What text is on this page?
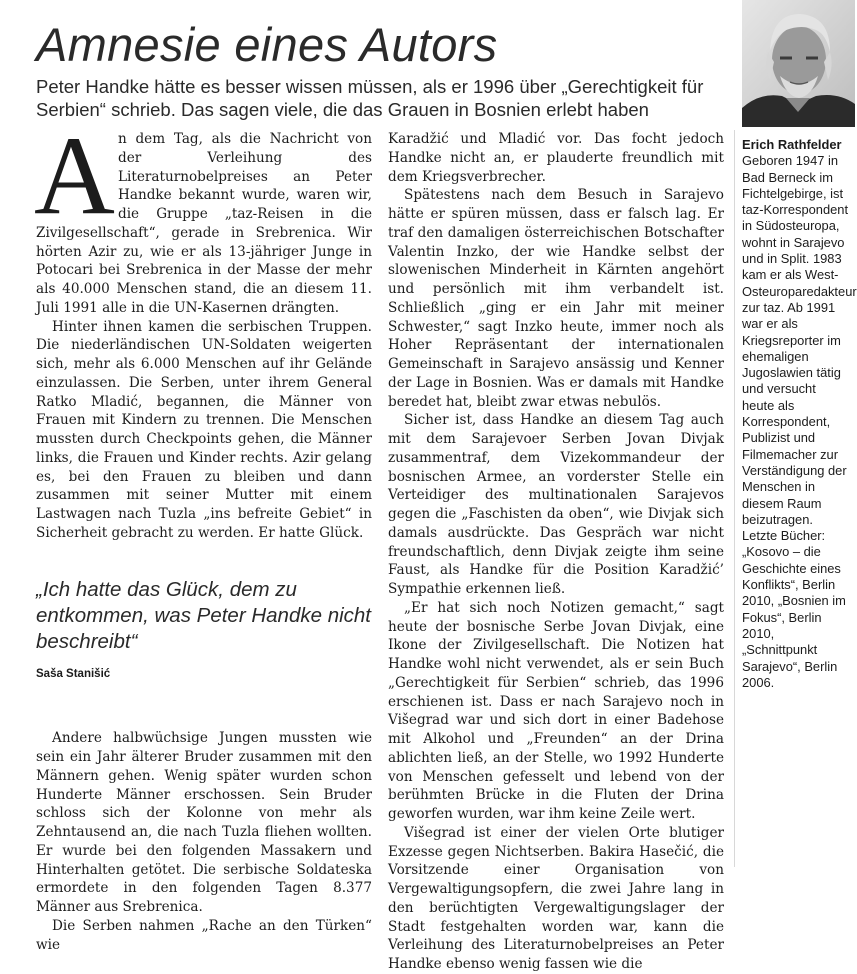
Amnesie eines Autors

Peter Handke hätte es besser wissen müssen, als er 1996 über „Gerechtigkeit für Serbien“ schrieb. Das sagen viele, die das Grauen in Bosnien erlebt haben

An dem Tag, als die Nachricht von der Verleihung des Literaturnobelpreises an Peter Handke bekannt wurde, waren wir, die Gruppe „taz-Reisen in die Zivilgesellschaft“, gerade in Srebrenica. Wir hörten Azir zu, wie er als 13-jähriger Junge in Potocari bei Srebrenica in der Masse der mehr als 40.000 Menschen stand, die an diesem 11. Juli 1991 alle in die UN-Kasernen drängten.

Hinter ihnen kamen die serbischen Truppen. Die niederländischen UN-Soldaten weigerten sich, mehr als 6.000 Menschen auf ihr Gelände einzulassen. Die Serben, unter ihrem General Ratko Mladić, begannen, die Männer von Frauen mit Kindern zu trennen. Die Menschen mussten durch Checkpoints gehen, die Männer links, die Frauen und Kinder rechts. Azir gelang es, bei den Frauen zu bleiben und dann zusammen mit seiner Mutter mit einem Lastwagen nach Tuzla „ins befreite Gebiet“ in Sicherheit gebracht zu werden. Er hatte Glück.

„Ich hatte das Glück, dem zu entkommen, was Peter Handke nicht beschreibt“
Saša Stanišić

Andere halbwüchsige Jungen mussten wie sein ein Jahr älterer Bruder zusammen mit den Männern gehen. Wenig später wurden schon Hunderte Männer erschossen. Sein Bruder schloss sich der Kolonne von mehr als Zehntausend an, die nach Tuzla fliehen wollten. Er wurde bei den folgenden Massakern und Hinterhalten getötet. Die serbische Soldateska ermordete in den folgenden Tagen 8.377 Männer aus Srebrenica.

Die Serben nahmen „Rache an den Türken“ wie

Karadžić und Mladić vor. Das focht jedoch Handke nicht an, er plauderte freundlich mit dem Kriegsverbrecher.

Spätestens nach dem Besuch in Sarajevo hätte er spüren müssen, dass er falsch lag. Er traf den damaligen österreichischen Botschafter Valentin Inzko, der wie Handke selbst der slowenischen Minderheit in Kärnten angehört und persönlich mit ihm verbandelt ist. Schließlich „ging er ein Jahr mit meiner Schwester,“ sagt Inzko heute, immer noch als Hoher Repräsentant der internationalen Gemeinschaft in Sarajevo ansässig und Kenner der Lage in Bosnien. Was er damals mit Handke beredet hat, bleibt zwar etwas nebulös.

Sicher ist, dass Handke an diesem Tag auch mit dem Sarajevoer Serben Jovan Divjak zusammentraf, dem Vizekommandeur der bosnischen Armee, an vorderster Stelle ein Verteidiger des multinationalen Sarajevos gegen die „Faschisten da oben“, wie Divjak sich damals ausdrückte. Das Gespräch war nicht freundschaftlich, denn Divjak zeigte ihm seine Faust, als Handke für die Position Karadžić’ Sympathie erkennen ließ.

„Er hat sich noch Notizen gemacht,“ sagt heute der bosnische Serbe Jovan Divjak, eine Ikone der Zivilgesellschaft. Die Notizen hat Handke wohl nicht verwendet, als er sein Buch „Gerechtigkeit für Serbien“ schrieb, das 1996 erschienen ist. Dass er nach Sarajevo noch in Višegrad war und sich dort in einer Badehose mit Alkohol und „Freunden“ an der Drina ablichten ließ, an der Stelle, wo 1992 Hunderte von Menschen gefesselt und lebend von der berühmten Brücke in die Fluten der Drina geworfen wurden, war ihm keine Zeile wert.

Višegrad ist einer der vielen Orte blutiger Exzesse gegen Nichtserben. Bakira Hasečić, die Vorsitzende einer Organisation von Vergewaltigungsopfern, die zwei Jahre lang in den berüchtigten Vergewaltigungslager der Stadt festgehalten worden war, kann die Verleihung des Literaturnobelpreises an Peter Handke ebenso wenig fassen wie die

Erich Rathfelder
Geboren 1947 in Bad Berneck im Fichtelgebirge, ist taz-Korrespondent in Südosteuropa, wohnt in Sarajevo und in Split. 1983 kam er als West-Osteuroparedakteur zur taz. Ab 1991 war er als Kriegsreporter im ehemaligen Jugoslawien tätig und versucht heute als Korrespondent, Publizist und Filmemacher zur Verständigung der Menschen in diesem Raum beizutragen. Letzte Bücher: „Kosovo – die Geschichte eines Konflikts“, Berlin 2010, „Bosnien im Fokus“, Berlin 2010, „Schnittpunkt Sarajevo“, Berlin 2006.
